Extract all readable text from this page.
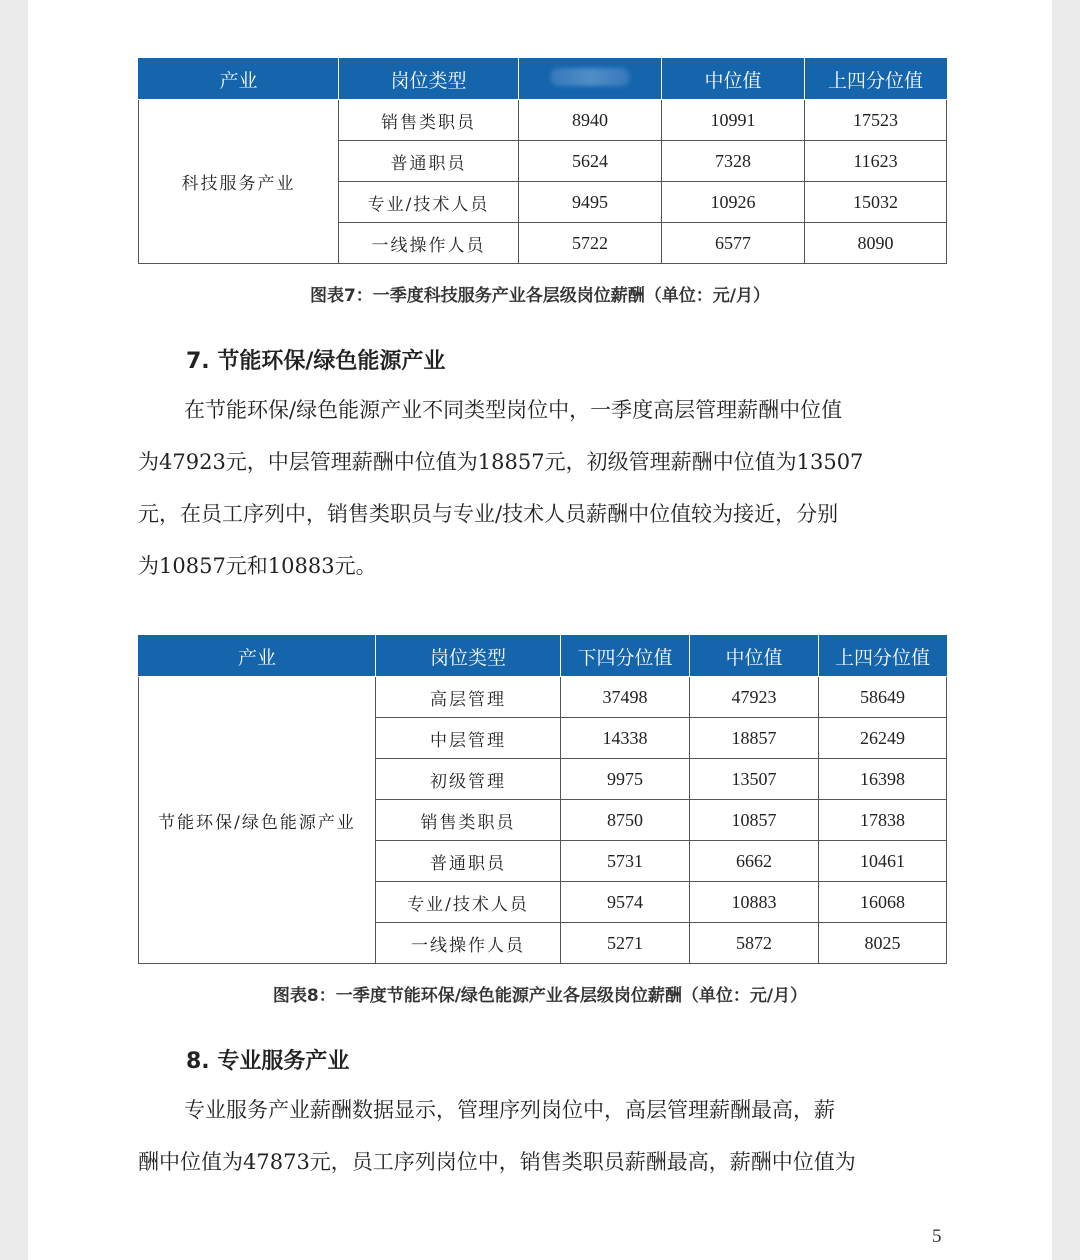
产业	岗位类型		中位值	上四分位值
科技服务产业	销售类职员	8940	10991	17523
	普通职员	5624	7328	11623
	专业/技术人员	9495	10926	15032
	一线操作人员	5722	6577	8090
图表7：一季度科技服务产业各层级岗位薪酬（单位：元/月）
7. 节能环保/绿色能源产业
在节能环保/绿色能源产业不同类型岗位中，一季度高层管理薪酬中位值
为47923元，中层管理薪酬中位值为18857元，初级管理薪酬中位值为13507
元，在员工序列中，销售类职员与专业/技术人员薪酬中位值较为接近，分别
为10857元和10883元。
产业	岗位类型	下四分位值	中位值	上四分位值
节能环保/绿色能源产业	高层管理	37498	47923	58649
	中层管理	14338	18857	26249
	初级管理	9975	13507	16398
	销售类职员	8750	10857	17838
	普通职员	5731	6662	10461
	专业/技术人员	9574	10883	16068
	一线操作人员	5271	5872	8025
图表8：一季度节能环保/绿色能源产业各层级岗位薪酬（单位：元/月）
8. 专业服务产业
专业服务产业薪酬数据显示，管理序列岗位中，高层管理薪酬最高，薪
酬中位值为47873元，员工序列岗位中，销售类职员薪酬最高，薪酬中位值为
5
